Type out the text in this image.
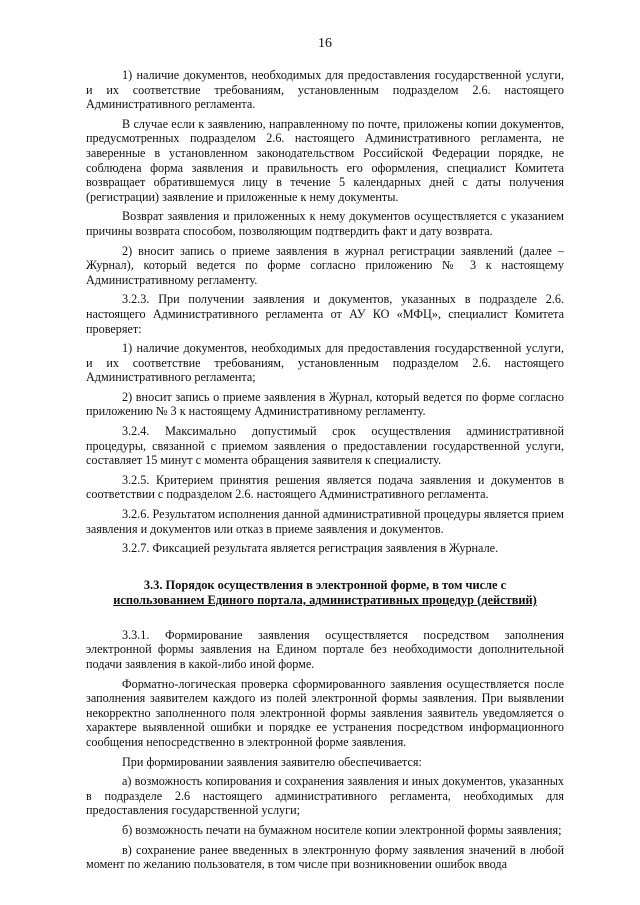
16

1) наличие документов, необходимых для предоставления государственной услуги, и их соответствие требованиям, установленным подразделом 2.6. настоящего Административного регламента.

В случае если к заявлению, направленному по почте, приложены копии документов, предусмотренных подразделом 2.6. настоящего Административного регламента, не заверенные в установленном законодательством Российской Федерации порядке, не соблюдена форма заявления и правильность его оформления, специалист Комитета возвращает обратившемуся лицу в течение 5 календарных дней с даты получения (регистрации) заявление и приложенные к нему документы.

Возврат заявления и приложенных к нему документов осуществляется с указанием причины возврата способом, позволяющим подтвердить факт и дату возврата.

2) вносит запись о приеме заявления в журнал регистрации заявлений (далее – Журнал), который ведется по форме согласно приложению № 3 к настоящему Административному регламенту.

3.2.3. При получении заявления и документов, указанных в подразделе 2.6. настоящего Административного регламента от АУ КО «МФЦ», специалист Комитета проверяет:

1) наличие документов, необходимых для предоставления государственной услуги, и их соответствие требованиям, установленным подразделом 2.6. настоящего Административного регламента;

2) вносит запись о приеме заявления в Журнал, который ведется по форме согласно приложению № 3 к настоящему Административному регламенту.

3.2.4. Максимально допустимый срок осуществления административной процедуры, связанной с приемом заявления о предоставлении государственной услуги, составляет 15 минут с момента обращения заявителя к специалисту.

3.2.5. Критерием принятия решения является подача заявления и документов в соответствии с подразделом 2.6. настоящего Административного регламента.

3.2.6. Результатом исполнения данной административной процедуры является прием заявления и документов или отказ в приеме заявления и документов.

3.2.7. Фиксацией результата является регистрация заявления в Журнале.

3.3. Порядок осуществления в электронной форме, в том числе с
использованием Единого портала, административных процедур (действий)

3.3.1. Формирование заявления осуществляется посредством заполнения электронной формы заявления на Едином портале без необходимости дополнительной подачи заявления в какой-либо иной форме.

Форматно-логическая проверка сформированного заявления осуществляется после заполнения заявителем каждого из полей электронной формы заявления. При выявлении некорректно заполненного поля электронной формы заявления заявитель уведомляется о характере выявленной ошибки и порядке ее устранения посредством информационного сообщения непосредственно в электронной форме заявления.

При формировании заявления заявителю обеспечивается:

а) возможность копирования и сохранения заявления и иных документов, указанных в подразделе 2.6 настоящего административного регламента, необходимых для предоставления государственной услуги;

б) возможность печати на бумажном носителе копии электронной формы заявления;

в) сохранение ранее введенных в электронную форму заявления значений в любой момент по желанию пользователя, в том числе при возникновении ошибок ввода
